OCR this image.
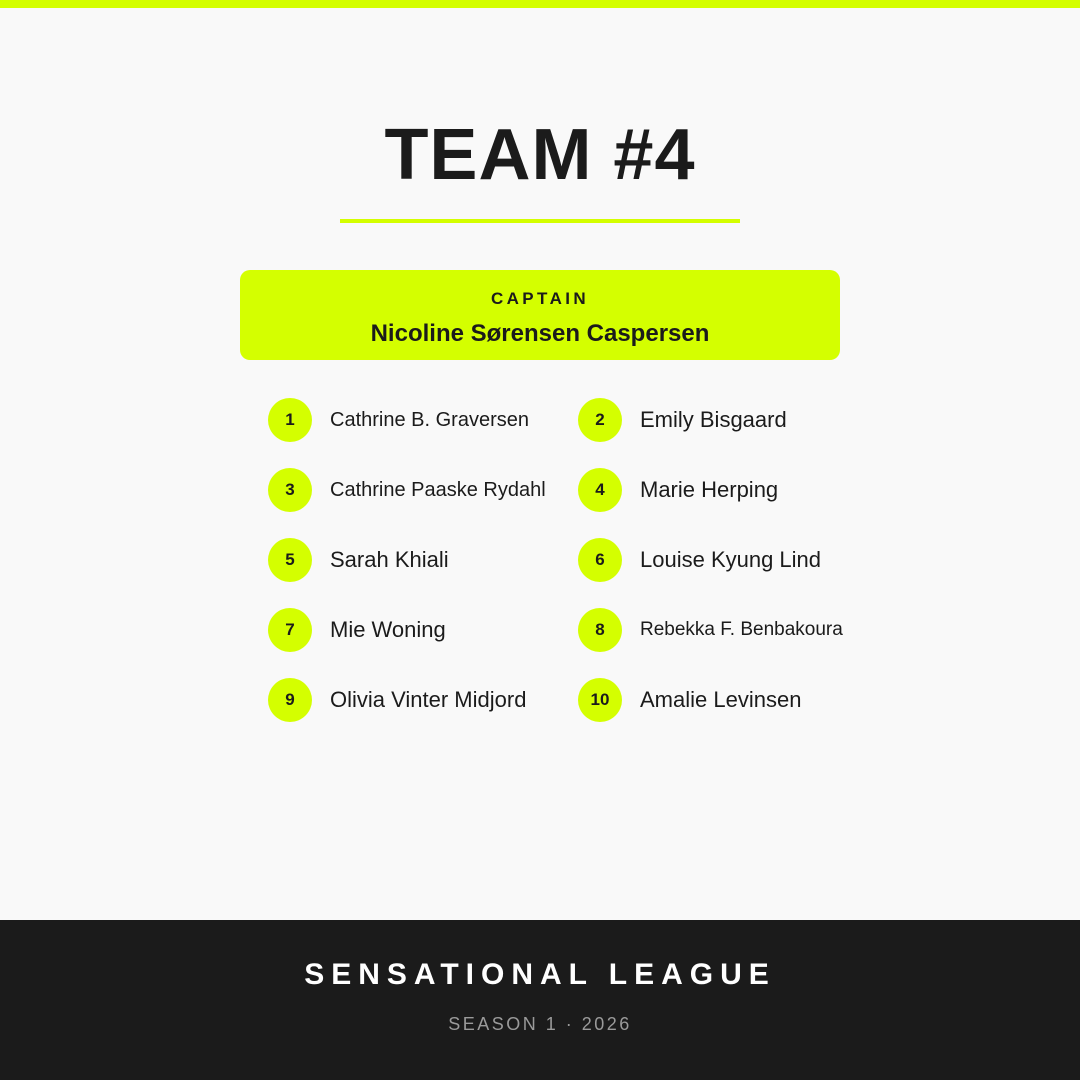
TEAM #4
CAPTAIN
Nicoline Sørensen Caspersen
1	Cathrine B. Graversen	2	Emily Bisgaard
3	Cathrine Paaske Rydahl	4	Marie Herping
5	Sarah Khiali	6	Louise Kyung Lind
7	Mie Woning	8	Rebekka F. Benbakoura
9	Olivia Vinter Midjord	10	Amalie Levinsen
SENSATIONAL LEAGUE
SEASON 1 · 2026
